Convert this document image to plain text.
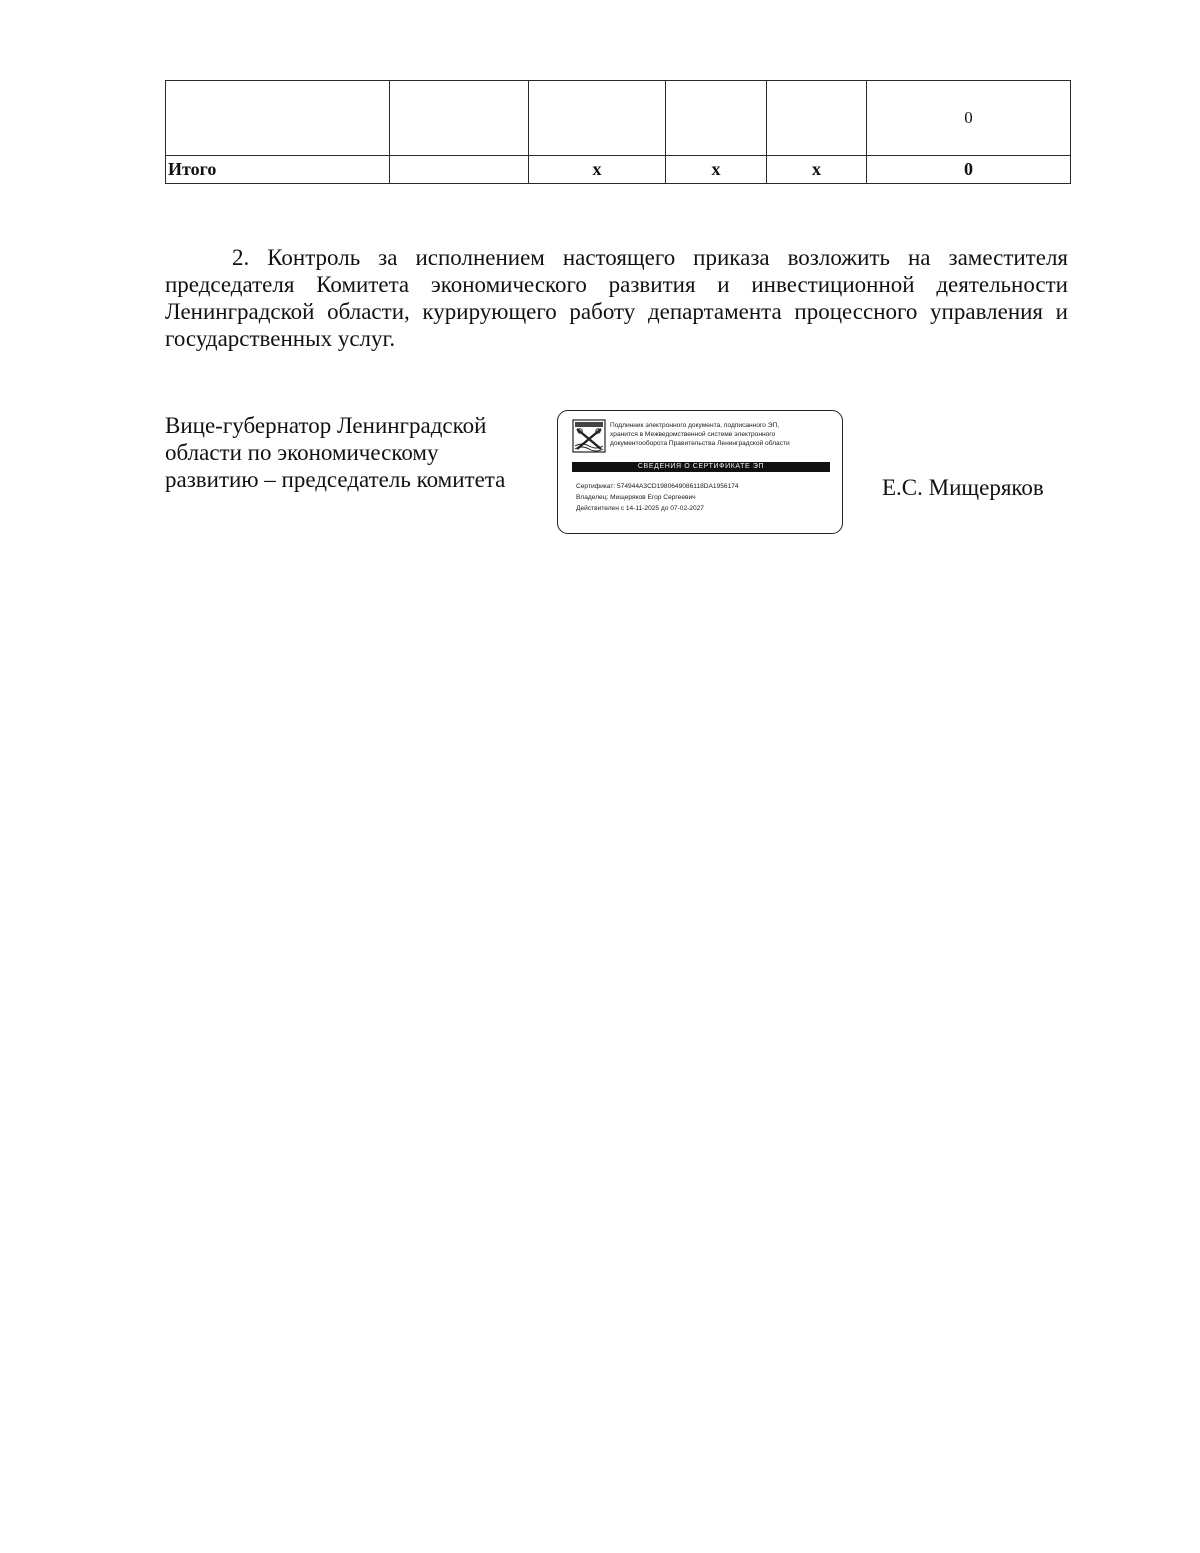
					0
Итого		х	х	х	0

2. Контроль за исполнением настоящего приказа возложить на заместителя председателя Комитета экономического развития и инвестиционной деятельности Ленинградской области, курирующего работу департамента процессного управления и государственных услуг.

Вице-губернатор Ленинградской
области по экономическому
развитию – председатель комитета
Подлинник электронного документа, подписанного ЭП,
хранится в Межведомственной системе электронного
документооборота Правительства Ленинградской области
СВЕДЕНИЯ О СЕРТИФИКАТЕ ЭП
Сертификат: 574944A3CD1980649086118DA1956174
Владелец: Мищеряков Егор Сергеевич
Действителен с 14-11-2025 до 07-02-2027
Е.С. Мищеряков
